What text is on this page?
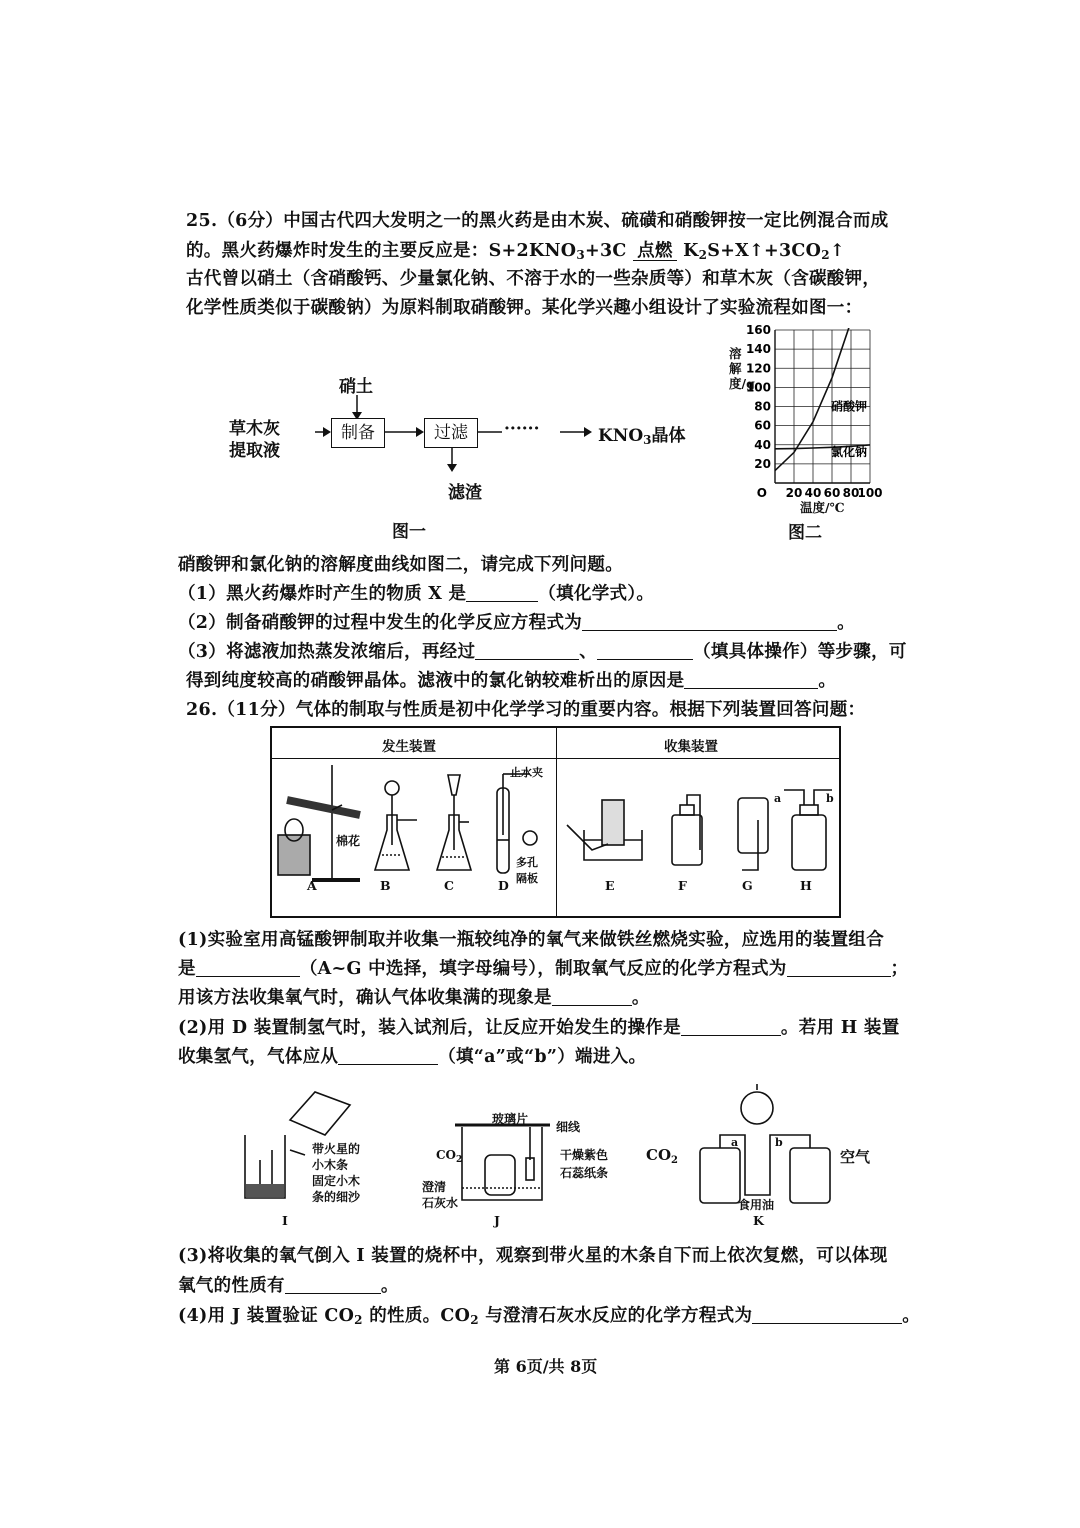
25.（6分）中国古代四大发明之一的黑火药是由木炭、硫磺和硝酸钾按一定比例混合而成
的。黑火药爆炸时发生的主要反应是：$S+2KNO_3+3C$ 点燃 $K_2S+X↑+3CO_2↑$
古代曾以硝土（含硝酸钙、少量氯化钠、不溶于水的一些杂质等）和草木灰（含碳酸钾，
化学性质类似于碳酸钠）为原料制取硝酸钾。某化学兴趣小组设计了实验流程如图一：
硝土
草木灰
提取液
制备	过滤	······	$KNO_3$晶体
滤渣
图一
20
40
60
80
100
120
140
160
20 40 60 80
100
O
硝酸钾
氯化钠
溶解度/g
温度/℃
图二
硝酸钾和氯化钠的溶解度曲线如图二，请完成下列问题。
（1）黑火药爆炸时产生的物质 X 是	（填化学式）。
（2）制备硝酸钾的过程中发生的化学反应方程式为	。
（3）将滤液加热蒸发浓缩后，再经过	、	（填具体操作）等步骤，可
得到纯度较高的硝酸钾晶体。滤液中的氯化钠较难析出的原因是	。
26.（11分）气体的制取与性质是初中化学学习的重要内容。根据下列装置回答问题：
发生装置	收集装置
A	B	C	D	E	F	G	H
棉花
止水夹
多孔
隔板
a	b
(1)实验室用高锰酸钾制取并收集一瓶较纯净的氧气来做铁丝燃烧实验，应选用的装置组合
是	（A~G 中选择，填字母编号），制取氧气反应的化学方程式为	；
用该方法收集氧气时，确认气体收集满的现象是	。
(2)用 D 装置制氢气时，装入试剂后，让反应开始发生的操作是	。若用 H 装置
收集氢气，气体应从	（填“a”或“b”）端进入。
带火星的
小木条
固定小木
条的细沙
I
玻璃片
细线
$CO_2$	干燥紫色
石蕊纸条
澄清
石灰水
J
$CO_2$	空气
a	b
食用油
K
(3)将收集的氧气倒入 I 装置的烧杯中，观察到带火星的木条自下而上依次复燃，可以体现
氧气的性质有	。
(4)用 J 装置验证 $CO_2$ 的性质。$CO_2$ 与澄清石灰水反应的化学方程式为	。
第 6页/共 8页
